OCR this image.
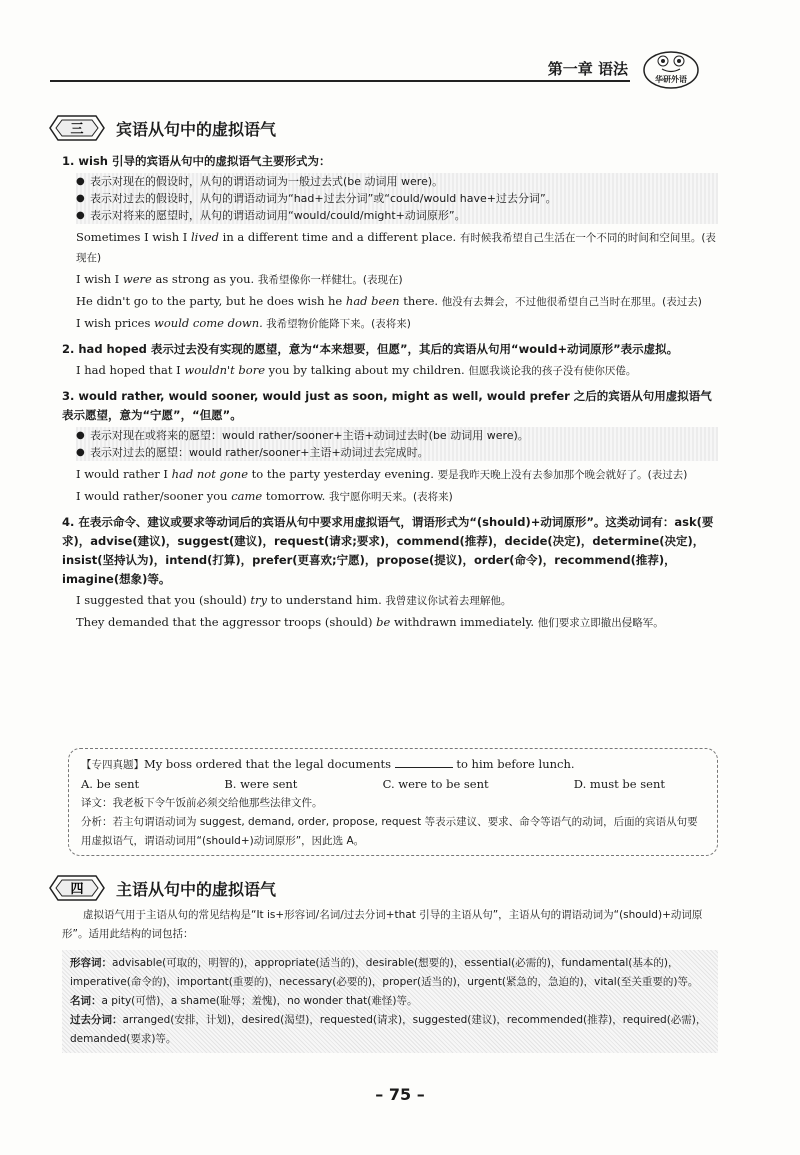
第一章 语法
华研外语
三 宾语从句中的虚拟语气
1. wish 引导的宾语从句中的虚拟语气主要形式为：
● 表示对现在的假设时，从句的谓语动词为一般过去式(be 动词用 were)。
● 表示对过去的假设时，从句的谓语动词为“had+过去分词”或“could/would have+过去分词”。
● 表示对将来的愿望时，从句的谓语动词用“would/could/might+动词原形”。
Sometimes I wish I lived in a different time and a different place. 有时候我希望自己生活在一个不同的时间和空间里。(表现在)
I wish I were as strong as you. 我希望像你一样健壮。(表现在)
He didn't go to the party, but he does wish he had been there. 他没有去舞会，不过他很希望自己当时在那里。(表过去)
I wish prices would come down. 我希望物价能降下来。(表将来)
2. had hoped 表示过去没有实现的愿望，意为“本来想要，但愿”，其后的宾语从句用“would+动词原形”表示虚拟。
I had hoped that I wouldn't bore you by talking about my children. 但愿我谈论我的孩子没有使你厌倦。
3. would rather, would sooner, would just as soon, might as well, would prefer 之后的宾语从句用虚拟语气表示愿望，意为“宁愿”，“但愿”。
● 表示对现在或将来的愿望：would rather/sooner+主语+动词过去时(be 动词用 were)。
● 表示对过去的愿望：would rather/sooner+主语+动词过去完成时。
I would rather I had not gone to the party yesterday evening. 要是我昨天晚上没有去参加那个晚会就好了。(表过去)
I would rather/sooner you came tomorrow. 我宁愿你明天来。(表将来)
4. 在表示命令、建议或要求等动词后的宾语从句中要求用虚拟语气，谓语形式为“(should)+动词原形”。这类动词有：ask(要求)，advise(建议)，suggest(建议)，request(请求;要求)，commend(推荐)，decide(决定)，determine(决定)，insist(坚持认为)，intend(打算)，prefer(更喜欢;宁愿)，propose(提议)，order(命令)，recommend(推荐)，imagine(想象)等。
I suggested that you (should) try to understand him. 我曾建议你试着去理解他。
They demanded that the aggressor troops (should) be withdrawn immediately. 他们要求立即撤出侵略军。
【专四真题】My boss ordered that the legal documents	to him before lunch.
A. be sent	B. were sent	C. were to be sent	D. must be sent
译文：我老板下令午饭前必须交给他那些法律文件。
分析：若主句谓语动词为 suggest, demand, order, propose, request 等表示建议、要求、命令等语气的动词，后面的宾语从句要用虚拟语气，谓语动词用“(should+)动词原形”，因此选 A。
四 主语从句中的虚拟语气
虚拟语气用于主语从句的常见结构是“It is+形容词/名词/过去分词+that 引导的主语从句”，主语从句的谓语动词为“(should)+动词原形”。适用此结构的词包括：
形容词：advisable(可取的，明智的)，appropriate(适当的)，desirable(想要的)，essential(必需的)，fundamental(基本的)，imperative(命令的)，important(重要的)，necessary(必要的)，proper(适当的)，urgent(紧急的，急迫的)，vital(至关重要的)等。
名词：a pity(可惜)，a shame(耻辱；羞愧)，no wonder that(难怪)等。
过去分词：arranged(安排，计划)，desired(渴望)，requested(请求)，suggested(建议)，recommended(推荐)，required(必需)，demanded(要求)等。
– 75 –
